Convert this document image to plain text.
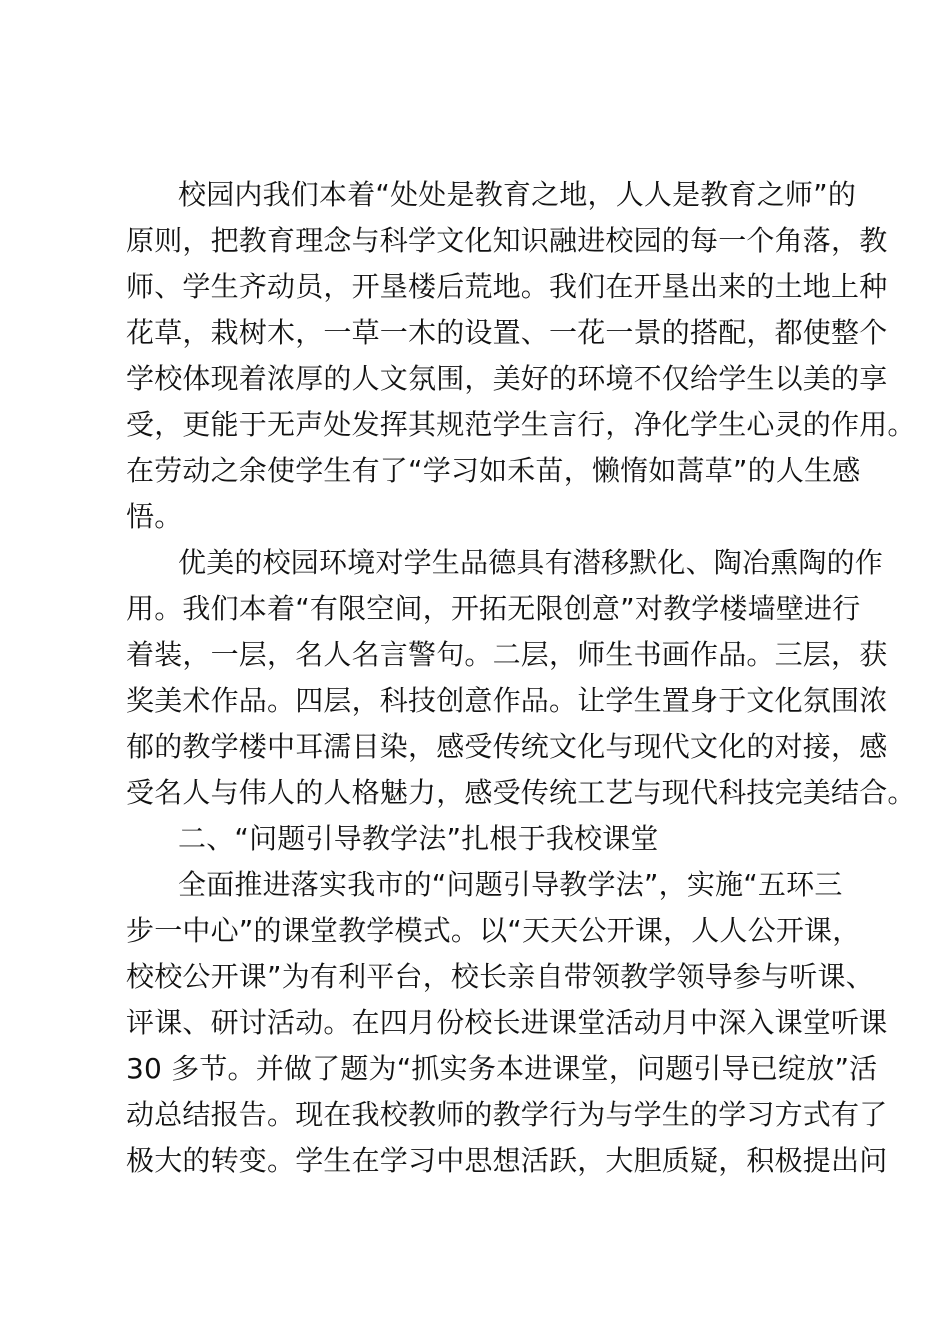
校园内我们本着“处处是教育之地，人人是教育之师”的
原则，把教育理念与科学文化知识融进校园的每一个角落，教
师、学生齐动员，开垦楼后荒地。我们在开垦出来的土地上种
花草，栽树木，一草一木的设置、一花一景的搭配，都使整个
学校体现着浓厚的人文氛围，美好的环境不仅给学生以美的享
受，更能于无声处发挥其规范学生言行，净化学生心灵的作用。
在劳动之余使学生有了“学习如禾苗，懒惰如蒿草”的人生感
悟。
优美的校园环境对学生品德具有潜移默化、陶冶熏陶的作
用。我们本着“有限空间，开拓无限创意”对教学楼墙壁进行
着装，一层，名人名言警句。二层，师生书画作品。三层，获
奖美术作品。四层，科技创意作品。让学生置身于文化氛围浓
郁的教学楼中耳濡目染，感受传统文化与现代文化的对接，感
受名人与伟人的人格魅力，感受传统工艺与现代科技完美结合。
二、“问题引导教学法”扎根于我校课堂
全面推进落实我市的“问题引导教学法”，实施“五环三
步一中心”的课堂教学模式。以“天天公开课，人人公开课，
校校公开课”为有利平台，校长亲自带领教学领导参与听课、
评课、研讨活动。在四月份校长进课堂活动月中深入课堂听课
30 多节。并做了题为“抓实务本进课堂，问题引导已绽放”活
动总结报告。现在我校教师的教学行为与学生的学习方式有了
极大的转变。学生在学习中思想活跃，大胆质疑，积极提出问
